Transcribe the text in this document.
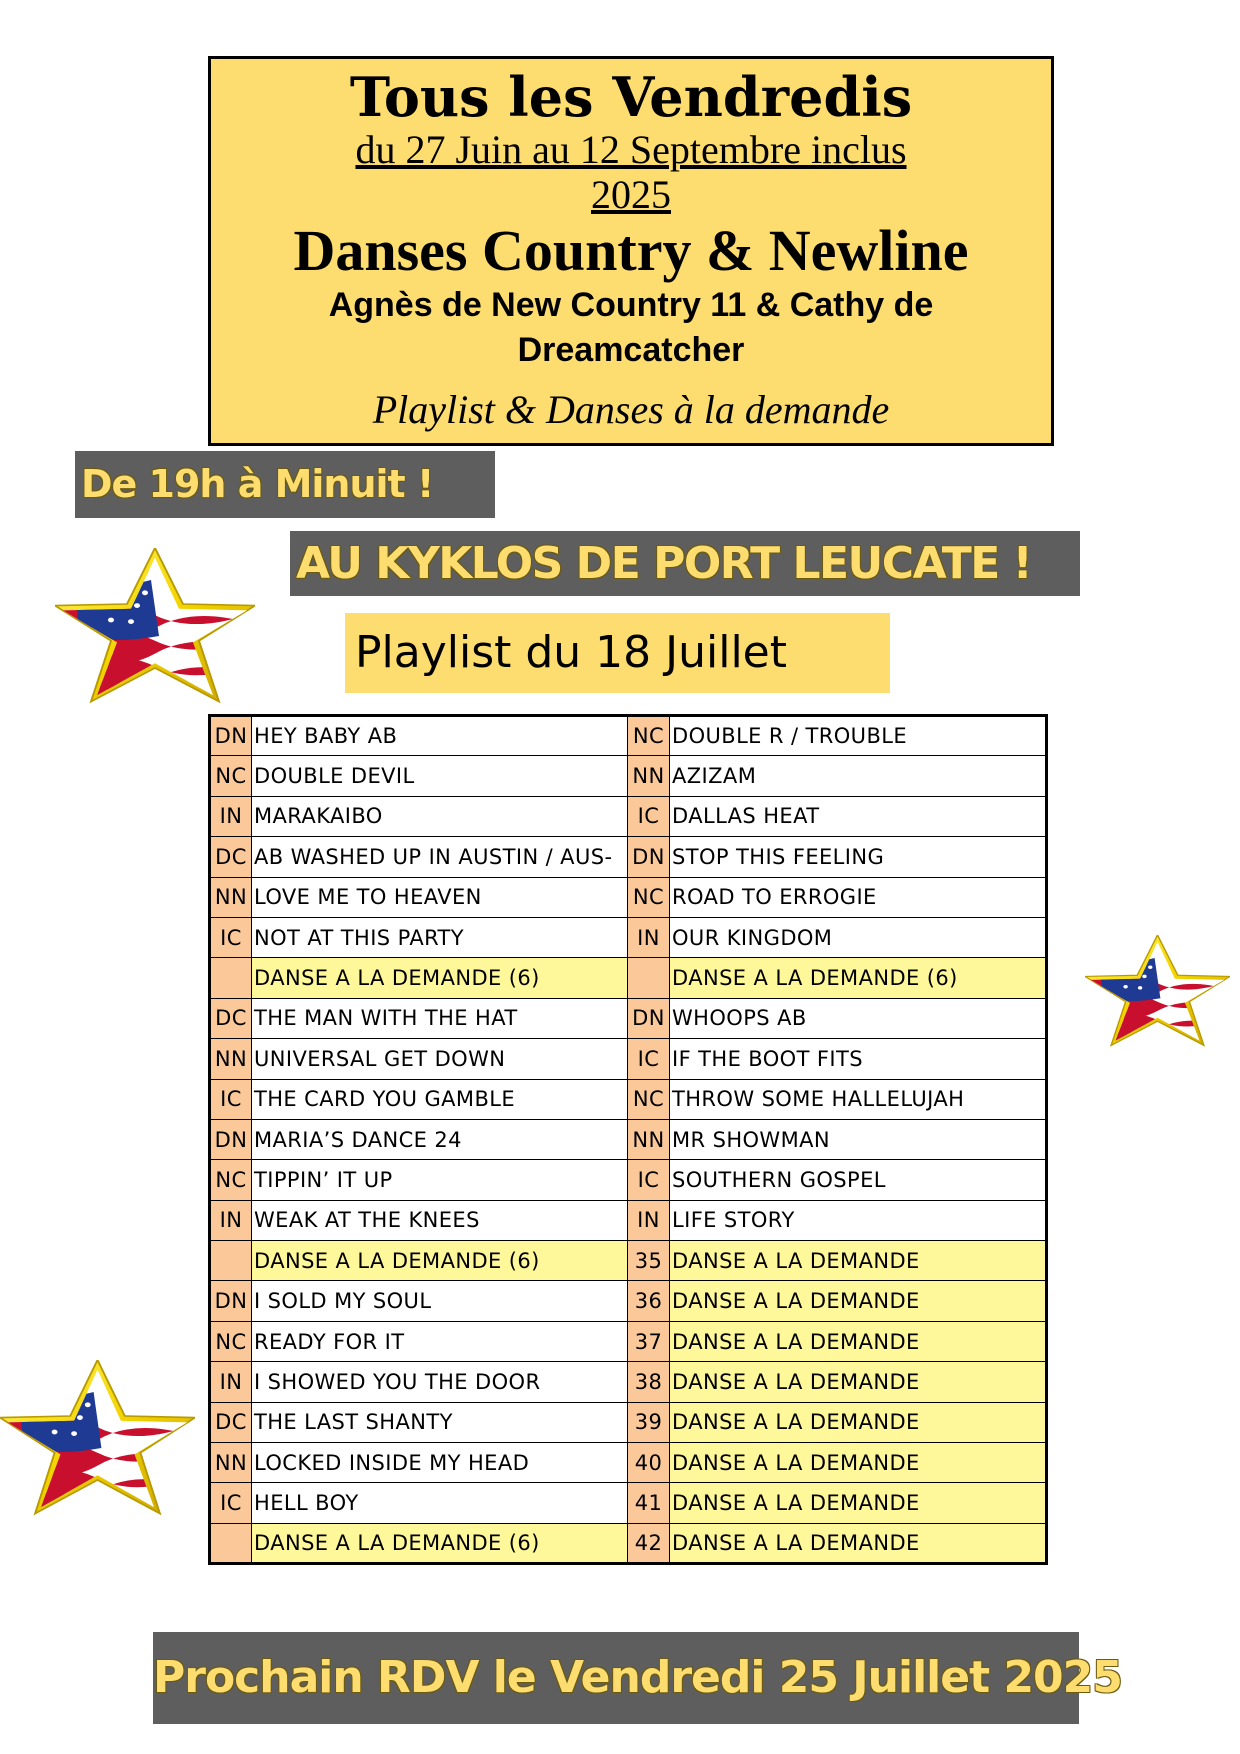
Tous les Vendredis
du 27 Juin au 12 Septembre inclus
2025
Danses Country & Newline
Agnès de New Country 11 & Cathy de Dreamcatcher
Playlist & Danses à la demande
De 19h à Minuit !
AU KYKLOS DE PORT LEUCATE !
Playlist du 18 Juillet
DN	HEY BABY AB	NC	DOUBLE R / TROUBLE
NC	DOUBLE DEVIL	NN	AZIZAM
IN	MARAKAIBO	IC	DALLAS HEAT
DC	AB WASHED UP IN AUSTIN / AUS-	DN	STOP THIS FEELING
NN	LOVE ME TO HEAVEN	NC	ROAD TO ERROGIE
IC	NOT AT THIS PARTY	IN	OUR KINGDOM
	DANSE A LA DEMANDE (6)		DANSE A LA DEMANDE (6)
DC	THE MAN WITH THE HAT	DN	WHOOPS AB
NN	UNIVERSAL GET DOWN	IC	IF THE BOOT FITS
IC	THE CARD YOU GAMBLE	NC	THROW SOME HALLELUJAH
DN	MARIA’S DANCE 24	NN	MR SHOWMAN
NC	TIPPIN’ IT UP	IC	SOUTHERN GOSPEL
IN	WEAK AT THE KNEES	IN	LIFE STORY
	DANSE A LA DEMANDE (6)	35	DANSE A LA DEMANDE
DN	I SOLD MY SOUL	36	DANSE A LA DEMANDE
NC	READY FOR IT	37	DANSE A LA DEMANDE
IN	I SHOWED YOU THE DOOR	38	DANSE A LA DEMANDE
DC	THE LAST SHANTY	39	DANSE A LA DEMANDE
NN	LOCKED INSIDE MY HEAD	40	DANSE A LA DEMANDE
IC	HELL BOY	41	DANSE A LA DEMANDE
	DANSE A LA DEMANDE (6)	42	DANSE A LA DEMANDE
Prochain RDV le Vendredi 25 Juillet 2025
